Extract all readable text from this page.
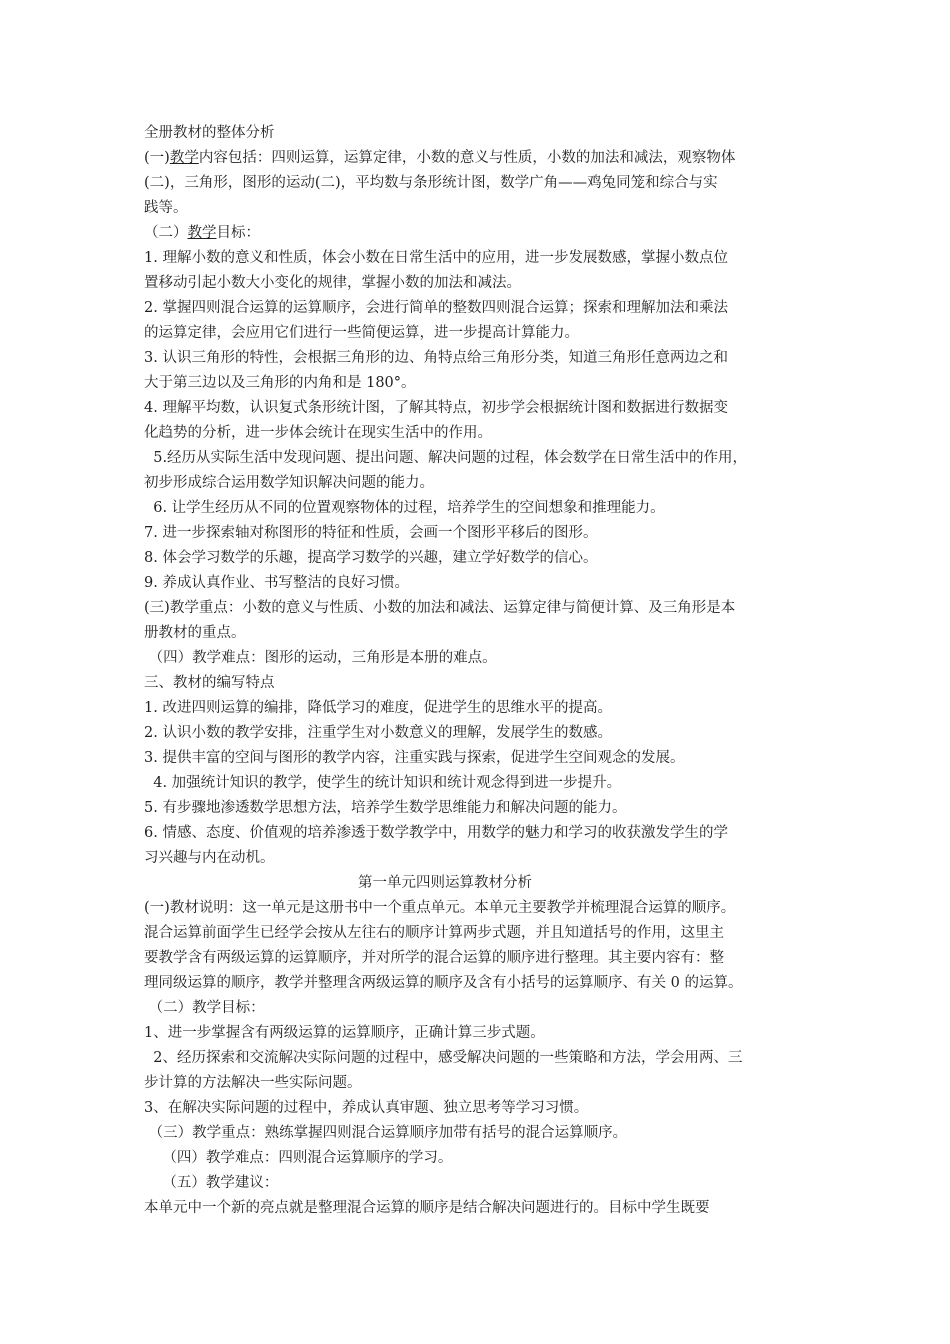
全册教材的整体分析
(一)教学内容包括：四则运算，运算定律，小数的意义与性质，小数的加法和减法，观察物体
(二)，三角形，图形的运动(二)，平均数与条形统计图，数学广角——鸡兔同笼和综合与实
践等。
（二）教学目标：
1. 理解小数的意义和性质，体会小数在日常生活中的应用，进一步发展数感，掌握小数点位
置移动引起小数大小变化的规律，掌握小数的加法和减法。
2. 掌握四则混合运算的运算顺序，会进行简单的整数四则混合运算；探索和理解加法和乘法
的运算定律，会应用它们进行一些简便运算，进一步提高计算能力。
3. 认识三角形的特性，会根据三角形的边、角特点给三角形分类，知道三角形任意两边之和
大于第三边以及三角形的内角和是 180°。
4. 理解平均数，认识复式条形统计图，了解其特点，初步学会根据统计图和数据进行数据变
化趋势的分析，进一步体会统计在现实生活中的作用。
5.经历从实际生活中发现问题、提出问题、解决问题的过程，体会数学在日常生活中的作用，
初步形成综合运用数学知识解决问题的能力。
6. 让学生经历从不同的位置观察物体的过程，培养学生的空间想象和推理能力。
7. 进一步探索轴对称图形的特征和性质，会画一个图形平移后的图形。
8. 体会学习数学的乐趣，提高学习数学的兴趣，建立学好数学的信心。
9. 养成认真作业、书写整洁的良好习惯。
(三)教学重点：小数的意义与性质、小数的加法和减法、运算定律与简便计算、及三角形是本
册教材的重点。
（四）教学难点：图形的运动，三角形是本册的难点。
三、教材的编写特点
1. 改进四则运算的编排，降低学习的难度，促进学生的思维水平的提高。
2. 认识小数的教学安排，注重学生对小数意义的理解，发展学生的数感。
3. 提供丰富的空间与图形的教学内容，注重实践与探索，促进学生空间观念的发展。
4. 加强统计知识的教学，使学生的统计知识和统计观念得到进一步提升。
5. 有步骤地渗透数学思想方法，培养学生数学思维能力和解决问题的能力。
6. 情感、态度、价值观的培养渗透于数学教学中，用数学的魅力和学习的收获激发学生的学
习兴趣与内在动机。
第一单元四则运算教材分析
(一)教材说明：这一单元是这册书中一个重点单元。本单元主要教学并梳理混合运算的顺序。
混合运算前面学生已经学会按从左往右的顺序计算两步式题，并且知道括号的作用，这里主
要教学含有两级运算的运算顺序，并对所学的混合运算的顺序进行整理。其主要内容有：整
理同级运算的顺序，教学并整理含两级运算的顺序及含有小括号的运算顺序、有关 0 的运算。
（二）教学目标：
1、进一步掌握含有两级运算的运算顺序，正确计算三步式题。
2、经历探索和交流解决实际问题的过程中，感受解决问题的一些策略和方法，学会用两、三
步计算的方法解决一些实际问题。
3、在解决实际问题的过程中，养成认真审题、独立思考等学习习惯。
（三）教学重点：熟练掌握四则混合运算顺序加带有括号的混合运算顺序。
（四）教学难点：四则混合运算顺序的学习。
（五）教学建议：
本单元中一个新的亮点就是整理混合运算的顺序是结合解决问题进行的。目标中学生既要
